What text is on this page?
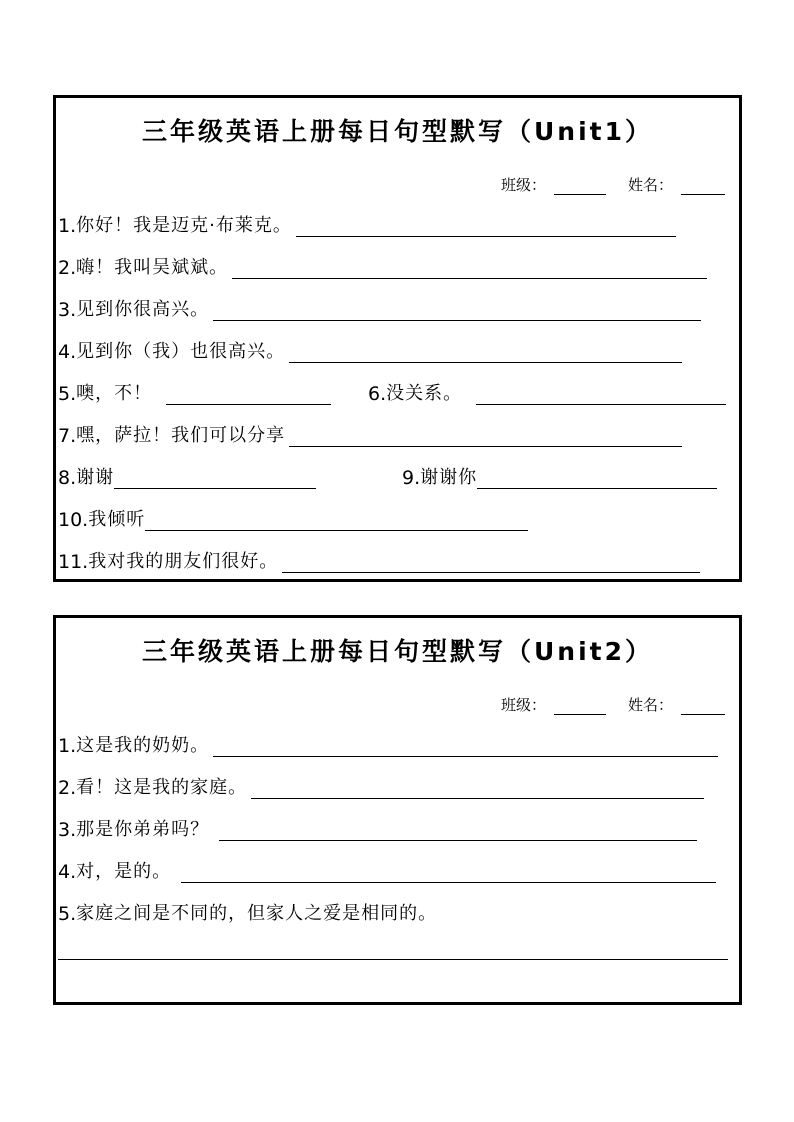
三年级英语上册每日句型默写（Unit1）
班级：	姓名：
1. 你好！我是迈克·布莱克。
2. 嗨！我叫吴斌斌。
3. 见到你很高兴。
4. 见到你（我）也很高兴。
5. 噢，不！	6. 没关系。
7. 嘿，萨拉！我们可以分享
8. 谢谢	9. 谢谢你
10. 我倾听
11. 我对我的朋友们很好。
三年级英语上册每日句型默写（Unit2）
班级：	姓名：
1. 这是我的奶奶。
2. 看！这是我的家庭。
3. 那是你弟弟吗？
4. 对，是的。
5. 家庭之间是不同的，但家人之爱是相同的。
